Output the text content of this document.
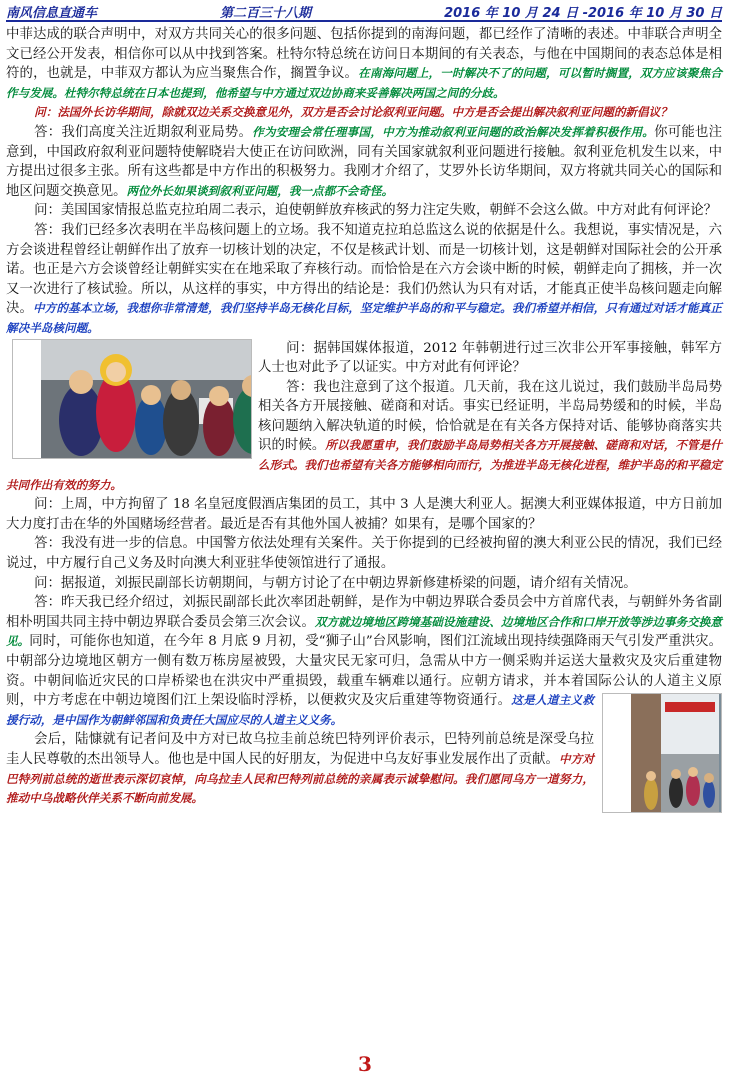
南风信息直通车	第二百三十八期	2016 年 10 月 24 日 -2016 年 10 月 30 日

中菲达成的联合声明中，对双方共同关心的很多问题、包括你提到的南海问题，都已经作了清晰的表述。中菲联合声明全文已经公开发表，相信你可以从中找到答案。杜特尔特总统在访问日本期间的有关表态，与他在中国期间的表态总体是相符的，也就是，中菲双方都认为应当聚焦合作，搁置争议。在南海问题上，一时解决不了的问题，可以暂时搁置，双方应该聚焦合作与发展。杜特尔特总统在日本也提到，他希望与中方通过双边协商来妥善解决两国之间的分歧。

问：法国外长访华期间，除就双边关系交换意见外，双方是否会讨论叙利亚问题。中方是否会提出解决叙利亚问题的新倡议？

答：我们高度关注近期叙利亚局势。作为安理会常任理事国，中方为推动叙利亚问题的政治解决发挥着积极作用。你可能也注意到，中国政府叙利亚问题特使解晓岩大使正在访问欧洲，同有关国家就叙利亚问题进行接触。叙利亚危机发生以来，中方提出过很多主张。所有这些都是中方作出的积极努力。我刚才介绍了，艾罗外长访华期间，双方将就共同关心的国际和地区问题交换意见。两位外长如果谈到叙利亚问题，我一点都不会奇怪。

问：美国国家情报总监克拉珀周二表示，迫使朝鲜放弃核武的努力注定失败，朝鲜不会这么做。中方对此有何评论？

答：我们已经多次表明在半岛核问题上的立场。我不知道克拉珀总监这么说的依据是什么。我想说，事实情况是，六方会谈进程曾经让朝鲜作出了放弃一切核计划的决定，不仅是核武计划、而是一切核计划，这是朝鲜对国际社会的公开承诺。也正是六方会谈曾经让朝鲜实实在在地采取了弃核行动。而恰恰是在六方会谈中断的时候，朝鲜走向了拥核，并一次又一次进行了核试验。所以，从这样的事实，中方得出的结论是：我们仍然认为只有对话，才能真正使半岛核问题走向解决。中方的基本立场，我想你非常清楚，我们坚持半岛无核化目标，坚定维护半岛的和平与稳定。我们希望并相信，只有通过对话才能真正解决半岛核问题。

问：据韩国媒体报道，2012 年韩朝进行过三次非公开军事接触，韩军方人士也对此予了以证实。中方对此有何评论？

答：我也注意到了这个报道。几天前，我在这儿说过，我们鼓励半岛局势相关各方开展接触、磋商和对话。事实已经证明，半岛局势缓和的时候，半岛核问题纳入解决轨道的时候，恰恰就是在有关各方保持对话、能够协商落实共识的时候。所以我愿重申，我们鼓励半岛局势相关各方开展接触、磋商和对话，不管是什么形式。我们也希望有关各方能够相向而行，为推进半岛无核化进程，维护半岛的和平稳定共同作出有效的努力。

问：上周，中方拘留了 18 名皇冠度假酒店集团的员工，其中 3 人是澳大利亚人。据澳大利亚媒体报道，中方日前加大力度打击在华的外国赌场经营者。最近是否有其他外国人被捕？如果有，是哪个国家的？

答：我没有进一步的信息。中国警方依法处理有关案件。关于你提到的已经被拘留的澳大利亚公民的情况，我们已经说过，中方履行自己义务及时向澳大利亚驻华使领馆进行了通报。

问：据报道，刘振民副部长访朝期间，与朝方讨论了在中朝边界新修建桥梁的问题，请介绍有关情况。

答：昨天我已经介绍过，刘振民副部长此次率团赴朝鲜，是作为中朝边界联合委员会中方首席代表，与朝鲜外务省副相朴明国共同主持中朝边界联合委员会第三次会议。双方就边境地区跨境基础设施建设、边境地区合作和口岸开放等涉边事务交换意见。同时，可能你也知道，在今年 8 月底 9 月初，受“狮子山”台风影响，图们江流域出现持续强降雨天气引发严重洪灾。中朝部分边境地区朝方一侧有数万栋房屋被毁，大量灾民无家可归，急需从中方一侧采购并运送大量救灾及灾后重建物资。中朝间临近灾民的口岸桥梁也在洪灾中严重损毁，载重车辆难以通行。应朝方请求，并本着国际公认的人道主义原则，中方考虑在中朝边境图们江上架设临时浮桥，以便救灾及灾后重建等物资通行。
这是人道主义救援行动，是中国作为朝鲜邻国和负责任大国应尽的人道主义义务。

会后，陆慷就有记者问及中方对已故乌拉圭前总统巴特列评价表示，巴特列前总统是深受乌拉圭人民尊敬的杰出领导人。他也是中国人民的好朋友，为促进中乌友好事业发展作出了贡献。中方对巴特列前总统的逝世表示深切哀悼，向乌拉圭人民和巴特列前总统的亲属表示诚挚慰问。我们愿同乌方一道努力，推动中乌战略伙伴关系不断向前发展。

3
